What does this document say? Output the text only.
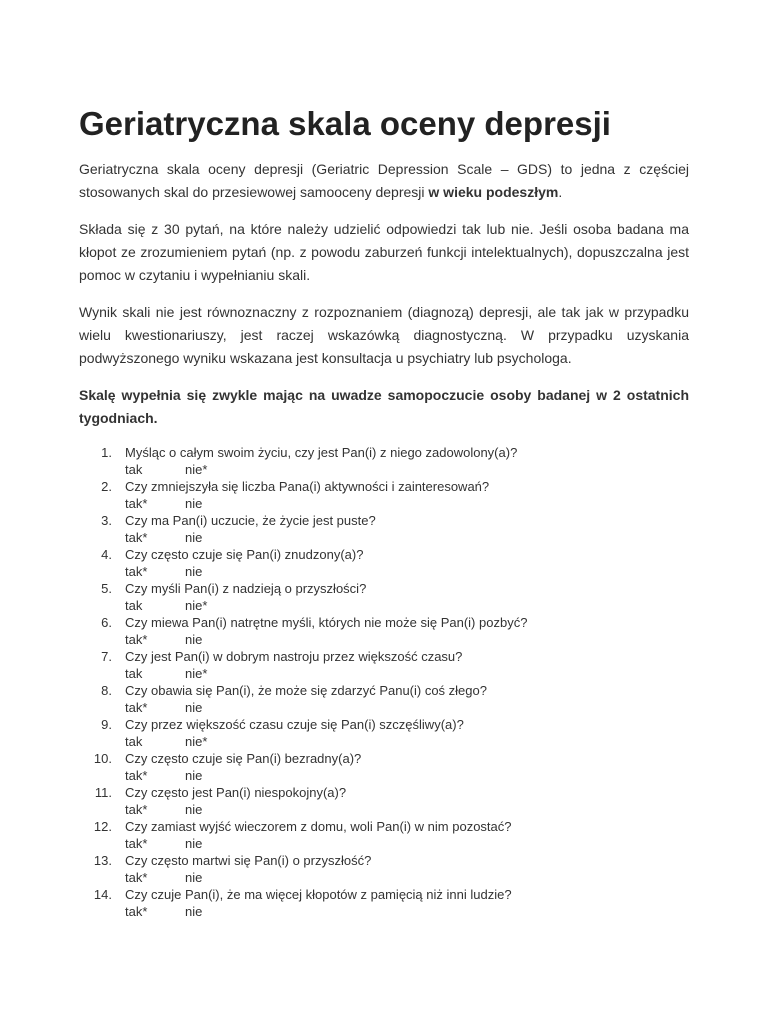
Geriatryczna skala oceny depresji

Geriatryczna skala oceny depresji (Geriatric Depression Scale – GDS) to jedna z częściej stosowanych skal do przesiewowej samooceny depresji w wieku podeszłym.

Składa się z 30 pytań, na które należy udzielić odpowiedzi tak lub nie. Jeśli osoba badana ma kłopot ze zrozumieniem pytań (np. z powodu zaburzeń funkcji intelektualnych), dopuszczalna jest pomoc w czytaniu i wypełnianiu skali.

Wynik skali nie jest równoznaczny z rozpoznaniem (diagnozą) depresji, ale tak jak w przypadku wielu kwestionariuszy, jest raczej wskazówką diagnostyczną. W przypadku uzyskania podwyższonego wyniku wskazana jest konsultacja u psychiatry lub psychologa.

Skalę wypełnia się zwykle mając na uwadze samopoczucie osoby badanej w 2 ostatnich tygodniach.

1. Myśląc o całym swoim życiu, czy jest Pan(i) z niego zadowolony(a)?
tak	nie*
2. Czy zmniejszyła się liczba Pana(i) aktywności i zainteresowań?
tak*	nie
3. Czy ma Pan(i) uczucie, że życie jest puste?
tak*	nie
4. Czy często czuje się Pan(i) znudzony(a)?
tak*	nie
5. Czy myśli Pan(i) z nadzieją o przyszłości?
tak	nie*
6. Czy miewa Pan(i) natrętne myśli, których nie może się Pan(i) pozbyć?
tak*	nie
7. Czy jest Pan(i) w dobrym nastroju przez większość czasu?
tak	nie*
8. Czy obawia się Pan(i), że może się zdarzyć Panu(i) coś złego?
tak*	nie
9. Czy przez większość czasu czuje się Pan(i) szczęśliwy(a)?
tak	nie*
10. Czy często czuje się Pan(i) bezradny(a)?
tak*	nie
11. Czy często jest Pan(i) niespokojny(a)?
tak*	nie
12. Czy zamiast wyjść wieczorem z domu, woli Pan(i) w nim pozostać?
tak*	nie
13. Czy często martwi się Pan(i) o przyszłość?
tak*	nie
14. Czy czuje Pan(i), że ma więcej kłopotów z pamięcią niż inni ludzie?
tak*	nie
